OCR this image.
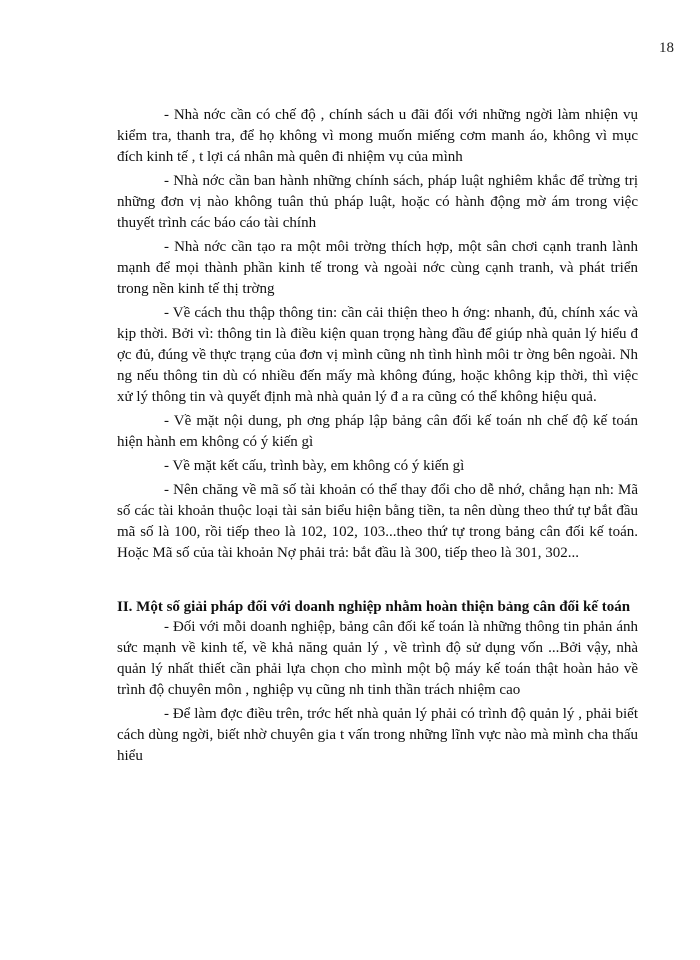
18

- Nhà nớc cần có chế độ , chính sách u đãi đối với những ngời làm nhiện vụ kiểm tra, thanh tra, để họ không vì mong muốn miếng cơm manh áo, không vì mục đích kinh tế , t lợi cá nhân mà quên đi nhiệm vụ của mình

- Nhà nớc cần ban hành những chính sách, pháp luật nghiêm khắc để trừng trị những đơn vị nào không tuân thủ pháp luật, hoặc có hành động mờ ám trong việc thuyết trình các báo cáo tài chính

- Nhà nớc cần tạo ra một môi trờng thích hợp, một sân chơi cạnh tranh lành mạnh để mọi thành phần kinh tế trong và ngoài nớc cùng cạnh tranh, và phát triển trong nền kinh tế thị trờng

- Về cách thu thập thông tin: cần cải thiện theo h ớng: nhanh, đủ, chính xác và kịp thời. Bởi vì: thông tin là điều kiện quan trọng hàng đầu để giúp nhà quản lý hiểu đ ợc đủ, đúng về thực trạng của đơn vị mình cũng nh tình hình môi tr ờng bên ngoài. Nh ng nếu thông tin dù có nhiều đến mấy mà không đúng, hoặc không kịp thời, thì việc xử lý thông tin và quyết định mà nhà quản lý đ a ra cũng có thể không hiệu quả.

- Về mặt nội dung, ph ơng pháp lập bảng cân đối kế toán nh chế độ kế toán hiện hành em không có ý kiến gì

- Về mặt kết cấu, trình bày, em không có ý kiến gì

- Nên chăng về mã số tài khoản có thể thay đổi cho dễ nhớ, chẳng hạn nh: Mã số các tài khoản thuộc loại tài sản biểu hiện bằng tiền, ta nên dùng theo thứ tự bắt đầu mã số là 100, rồi tiếp theo là 102, 102, 103...theo thứ tự trong bảng cân đối kế toán. Hoặc Mã số của tài khoản Nợ phải trả: bắt đầu là 300, tiếp theo là 301, 302...

II. Một số giải pháp đối với doanh nghiệp nhằm hoàn thiện bảng cân đối kế toán

- Đối với mỗi doanh nghiệp, bảng cân đối kế toán là những thông tin phản ánh sức mạnh về kinh tế, về khả năng quản lý , về trình độ sử dụng vốn ...Bởi vậy, nhà quản lý nhất thiết cần phải lựa chọn cho mình một bộ máy kế toán thật hoàn hảo về trình độ chuyên môn , nghiệp vụ cũng nh tinh thần trách nhiệm cao

- Để làm đợc điều trên, trớc hết nhà quản lý phải có trình độ quản lý , phải biết cách dùng ngời, biết nhờ chuyên gia t vấn trong những lĩnh vực nào mà mình cha thấu hiểu
